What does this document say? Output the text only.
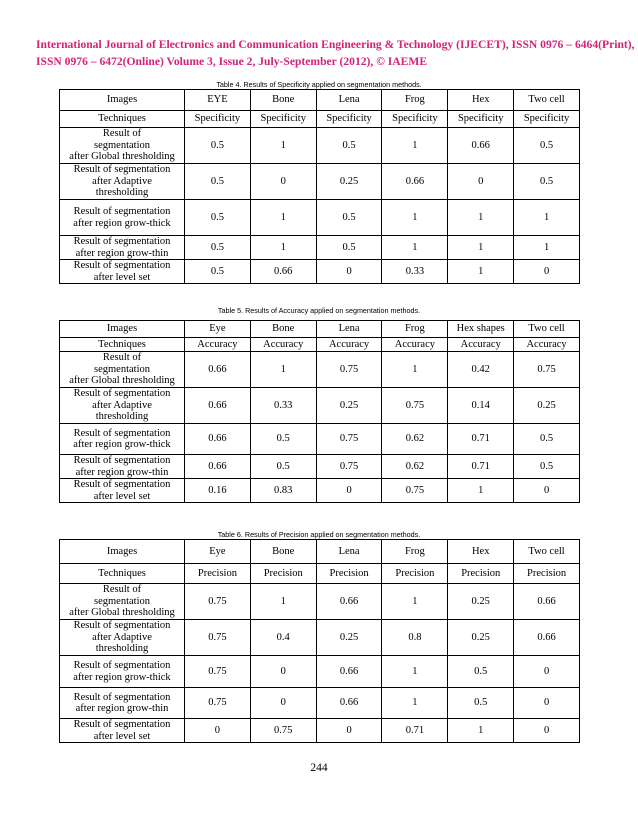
International Journal of Electronics and Communication Engineering & Technology (IJECET), ISSN 0976 – 6464(Print),
ISSN 0976 – 6472(Online) Volume 3, Issue 2, July-September (2012), © IAEME
Table 4. Results of Specificity applied on segmentation methods.
Images	EYE	Bone	Lena	Frog	Hex	Two cell
Techniques	Specificity	Specificity	Specificity	Specificity	Specificity	Specificity

Result of
segmentation
after Global thresholding	0.5	1	0.5	1	0.66	0.5

Result of segmentation
after Adaptive
thresholding	0.5	0	0.25	0.66	0	0.5

Result of segmentation
after region grow-thick	0.5	1	0.5	1	1	1

Result of segmentation
after region grow-thin	0.5	1	0.5	1	1	1

Result of segmentation
after level set	0.5	0.66	0	0.33	1	0
Table 5. Results of Accuracy applied on segmentation methods.
Images	Eye	Bone	Lena	Frog	Hex shapes	Two cell
Techniques	Accuracy	Accuracy	Accuracy	Accuracy	Accuracy	Accuracy

Result of
segmentation
after Global thresholding	0.66	1	0.75	1	0.42	0.75

Result of segmentation
after Adaptive
thresholding	0.66	0.33	0.25	0.75	0.14	0.25

Result of segmentation
after region grow-thick	0.66	0.5	0.75	0.62	0.71	0.5

Result of segmentation
after region grow-thin	0.66	0.5	0.75	0.62	0.71	0.5

Result of segmentation
after level set	0.16	0.83	0	0.75	1	0
Table 6. Results of Precision applied on segmentation methods.
Images	Eye	Bone	Lena	Frog	Hex	Two cell
Techniques	Precision	Precision	Precision	Precision	Precision	Precision

Result of
segmentation
after Global thresholding	0.75	1	0.66	1	0.25	0.66

Result of segmentation
after Adaptive
thresholding	0.75	0.4	0.25	0.8	0.25	0.66

Result of segmentation
after region grow-thick	0.75	0	0.66	1	0.5	0

Result of segmentation
after region grow-thin	0.75	0	0.66	1	0.5	0

Result of segmentation
after level set	0	0.75	0	0.71	1	0
244
